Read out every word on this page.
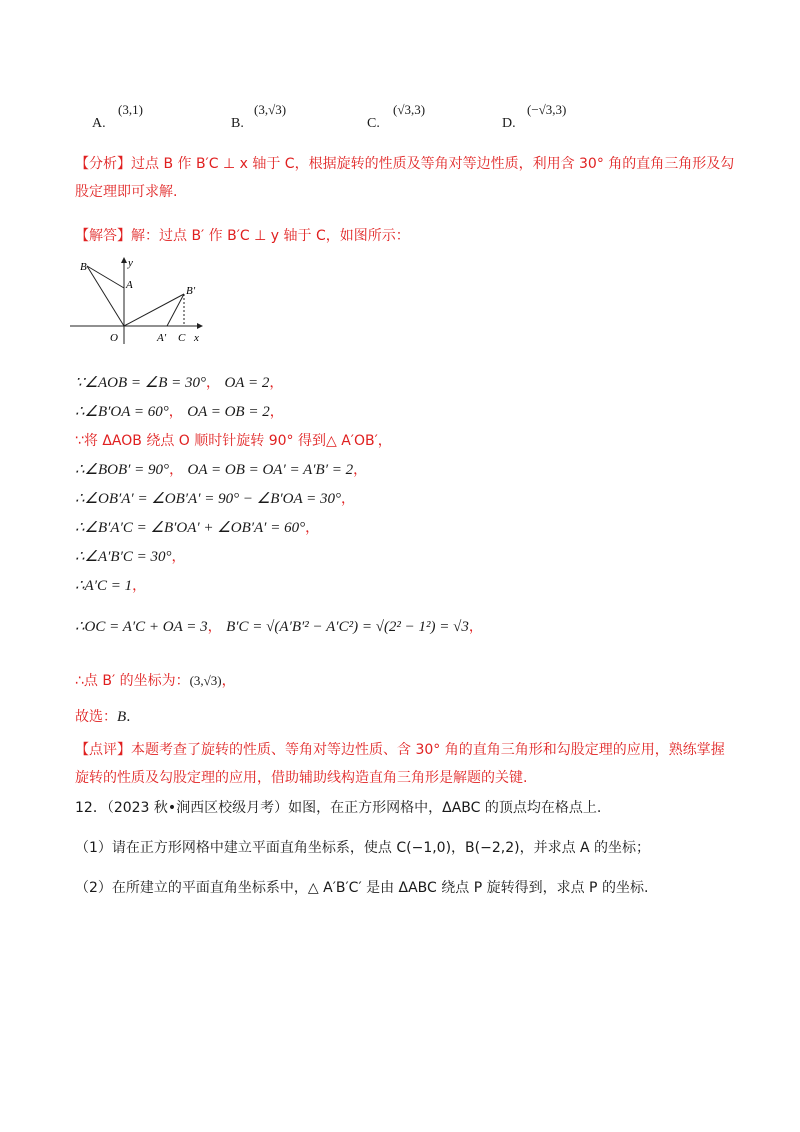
A.
(3,1)
B.
(3,√3)
C.
(√3,3)
D.
(−√3,3)
【分析】过点 B 作 B′C ⊥ x 轴于 C，根据旋转的性质及等角对等边性质，利用含 30° 角的直角三角形及勾
股定理即可求解.
【解答】解：过点 B′ 作 B′C ⊥ y 轴于 C，如图所示：
B
A
y
B′
O	A′ C x
∵∠AOB = ∠B = 30°， OA = 2，
∴∠B′OA = 60°， OA = OB = 2，
∵将 ΔAOB 绕点 O 顺时针旋转 90° 得到△ A′OB′，
∴∠BOB′ = 90°， OA = OB = OA′ = A′B′ = 2，
∴∠OB′A′ = ∠OB′A′ = 90° − ∠B′OA = 30°，
∴∠B′A′C = ∠B′OA′ + ∠OB′A′ = 60°，
∴∠A′B′C = 30°，
∴A′C = 1，
∴OC = A′C + OA = 3， B′C = √(A′B′² − A′C²) = √(2² − 1²) = √3，
∴点 B′ 的坐标为：(3,√3)，
故选：B.
【点评】本题考查了旋转的性质、等角对等边性质、含 30° 角的直角三角形和勾股定理的应用，熟练掌握
旋转的性质及勾股定理的应用，借助辅助线构造直角三角形是解题的关键.
12．（2023 秋•涧西区校级月考）如图，在正方形网格中，ΔABC 的顶点均在格点上.
（1）请在正方形网格中建立平面直角坐标系，使点 C(−1,0)，B(−2,2)，并求点 A 的坐标；
（2）在所建立的平面直角坐标系中，△ A′B′C′ 是由 ΔABC 绕点 P 旋转得到，求点 P 的坐标.
